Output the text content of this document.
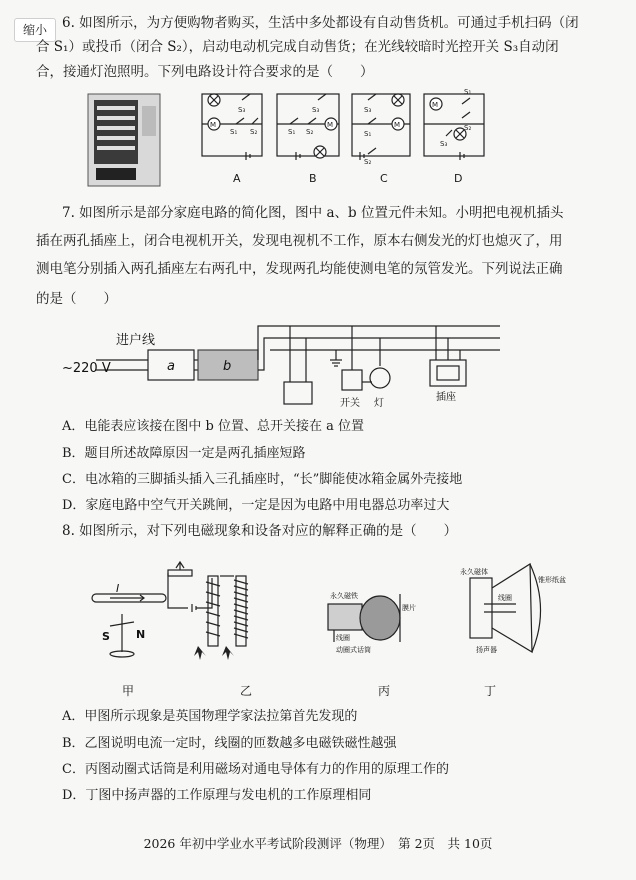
缩小	6. 如图所示，为方便购物者购买，生活中多处都设有自动售货机。可通过手机扫码（闭
合 S₁）或投币（闭合 S₂），启动电动机完成自动售货；在光线较暗时光控开关 S₃自动闭
合，接通灯泡照明。下列电路设计符合要求的是（　　）
M	M	M
M
S₃
S₁ S₂
S₃
S₁ S₂
S₃
S₁
S₂
S₁
S₂
S₃
A	B	C	D
7. 如图所示是部分家庭电路的简化图，图中 a、b 位置元件未知。小明把电视机插头
插在两孔插座上，闭合电视机开关，发现电视机不工作，原本右侧发光的灯也熄灭了，用
测电笔分别插入两孔插座左右两孔中，发现两孔均能使测电笔的氖管发光。下列说法正确
的是（　　）
进户线
~220 V	a	b
开关 灯
插座
A．电能表应该接在图中 b 位置、总开关接在 a 位置
B．题目所述故障原因一定是两孔插座短路
C．电冰箱的三脚插头插入三孔插座时，“长”脚能使冰箱金属外壳接地
D．家庭电路中空气开关跳闸，一定是因为电路中用电器总功率过大
8. 如图所示，对下列电磁现象和设备对应的解释正确的是（　　）
I
S N
永久磁铁
线圈
膜片
动圈式话筒
锥形纸盆
线圈
永久磁体
扬声器
甲	乙	丙	丁
A．甲图所示现象是英国物理学家法拉第首先发现的
B．乙图说明电流一定时，线圈的匝数越多电磁铁磁性越强
C．丙图动圈式话筒是利用磁场对通电导体有力的作用的原理工作的
D．丁图中扬声器的工作原理与发电机的工作原理相同
2026 年初中学业水平考试阶段测评（物理）　第 2页　共 10页
